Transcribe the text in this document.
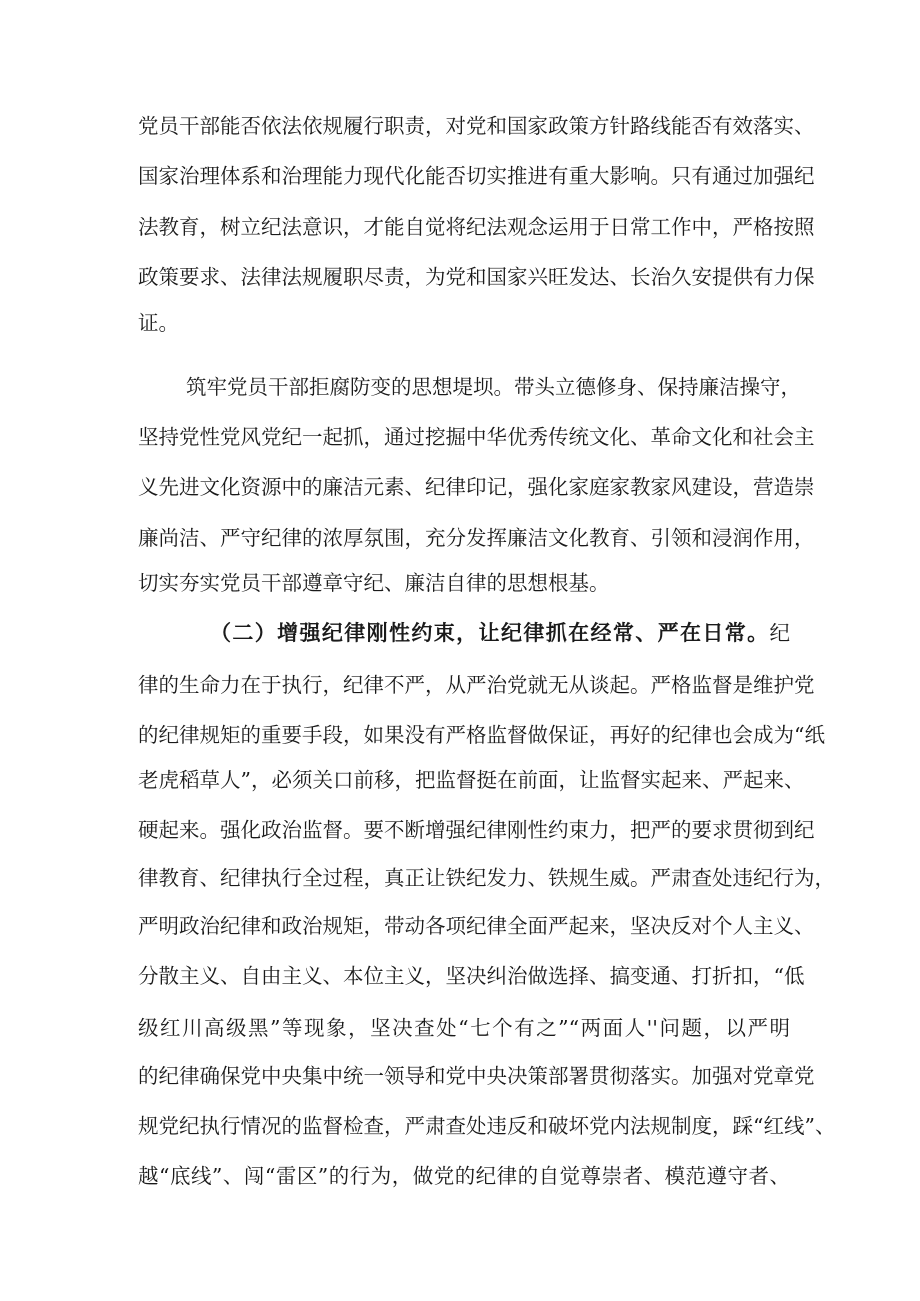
党员干部能否依法依规履行职责，对党和国家政策方针路线能否有效落实、
国家治理体系和治理能力现代化能否切实推进有重大影响。只有通过加强纪
法教育，树立纪法意识，才能自觉将纪法观念运用于日常工作中，严格按照
政策要求、法律法规履职尽责，为党和国家兴旺发达、长治久安提供有力保
证。
筑牢党员干部拒腐防变的思想堤坝。带头立德修身、保持廉洁操守，
坚持党性党风党纪一起抓，通过挖掘中华优秀传统文化、革命文化和社会主
义先进文化资源中的廉洁元素、纪律印记，强化家庭家教家风建设，营造崇
廉尚洁、严守纪律的浓厚氛围，充分发挥廉洁文化教育、引领和浸润作用，
切实夯实党员干部遵章守纪、廉洁自律的思想根基。
（二）增强纪律刚性约束，让纪律抓在经常、严在日常。纪
律的生命力在于执行，纪律不严，从严治党就无从谈起。严格监督是维护党
的纪律规矩的重要手段，如果没有严格监督做保证，再好的纪律也会成为“纸
老虎稻草人”，必须关口前移，把监督挺在前面，让监督实起来、严起来、
硬起来。强化政治监督。要不断增强纪律刚性约束力，把严的要求贯彻到纪
律教育、纪律执行全过程，真正让铁纪发力、铁规生威。严肃查处违纪行为，
严明政治纪律和政治规矩，带动各项纪律全面严起来，坚决反对个人主义、
分散主义、自由主义、本位主义，坚决纠治做选择、搞变通、打折扣，“低
级红川高级黑”等现象，坚决查处“七个有之”“两面人''问题，以严明
的纪律确保党中央集中统一领导和党中央决策部署贯彻落实。加强对党章党
规党纪执行情况的监督检查，严肃查处违反和破坏党内法规制度，踩“红线”、
越“底线”、闯“雷区”的行为，做党的纪律的自觉尊崇者、模范遵守者、
